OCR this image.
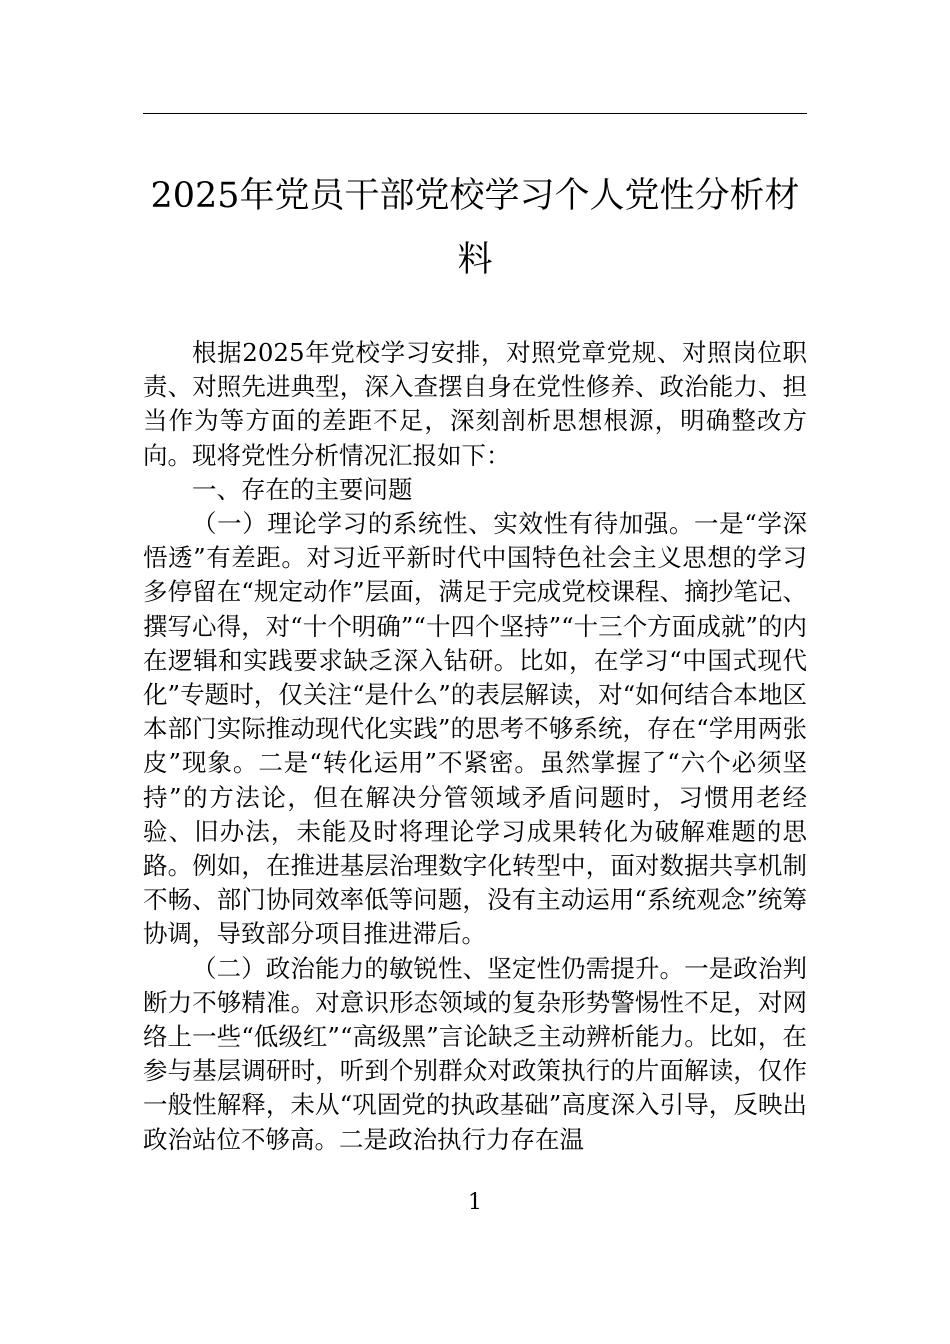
2025年党员干部党校学习个人党性分析材料

根据2025年党校学习安排，对照党章党规、对照岗位职责、对照先进典型，深入查摆自身在党性修养、政治能力、担当作为等方面的差距不足，深刻剖析思想根源，明确整改方向。现将党性分析情况汇报如下：

一、存在的主要问题

（一）理论学习的系统性、实效性有待加强。一是“学深悟透”有差距。对习近平新时代中国特色社会主义思想的学习多停留在“规定动作”层面，满足于完成党校课程、摘抄笔记、撰写心得，对“十个明确”“十四个坚持”“十三个方面成就”的内在逻辑和实践要求缺乏深入钻研。比如，在学习“中国式现代化”专题时，仅关注“是什么”的表层解读，对“如何结合本地区本部门实际推动现代化实践”的思考不够系统，存在“学用两张皮”现象。二是“转化运用”不紧密。虽然掌握了“六个必须坚持”的方法论，但在解决分管领域矛盾问题时，习惯用老经验、旧办法，未能及时将理论学习成果转化为破解难题的思路。例如，在推进基层治理数字化转型中，面对数据共享机制不畅、部门协同效率低等问题，没有主动运用“系统观念”统筹协调，导致部分项目推进滞后。

（二）政治能力的敏锐性、坚定性仍需提升。一是政治判断力不够精准。对意识形态领域的复杂形势警惕性不足，对网络上一些“低级红”“高级黑”言论缺乏主动辨析能力。比如，在参与基层调研时，听到个别群众对政策执行的片面解读，仅作一般性解释，未从“巩固党的执政基础”高度深入引导，反映出政治站位不够高。二是政治执行力存在温

1
